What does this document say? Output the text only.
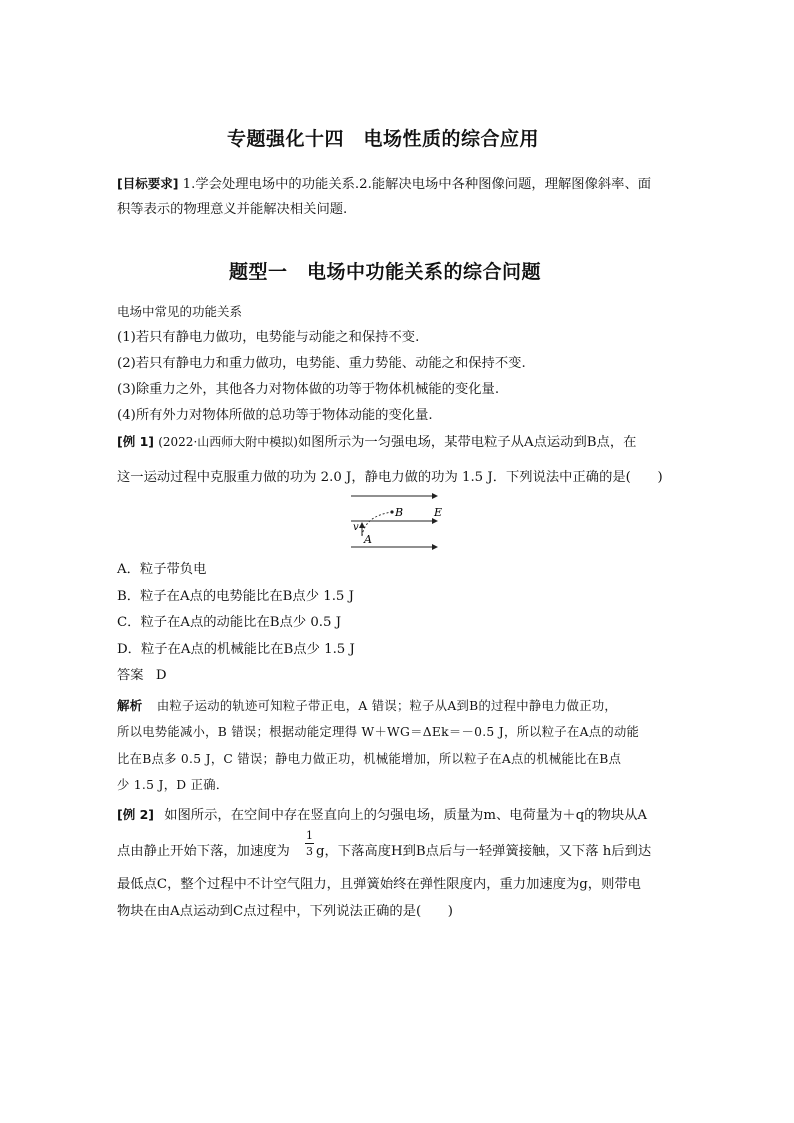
专题强化十四　电场性质的综合应用
[目标要求] 1.学会处理电场中的功能关系.2.能解决电场中各种图像问题，理解图像斜率、面
积等表示的物理意义并能解决相关问题.
题型一　电场中功能关系的综合问题
电场中常见的功能关系
(1)若只有静电力做功，电势能与动能之和保持不变.
(2)若只有静电力和重力做功，电势能、重力势能、动能之和保持不变.
(3)除重力之外，其他各力对物体做的功等于物体机械能的变化量.
(4)所有外力对物体所做的总功等于物体动能的变化量.
[例 1] (2022·山西师大附中模拟)如图所示为一匀强电场，某带电粒子从A点运动到B点，在
这一运动过程中克服重力做的功为 2.0 J，静电力做的功为 1.5 J．下列说法中正确的是(　　)
B	E
v
A
A．粒子带负电
B．粒子在A点的电势能比在B点少 1.5 J
C．粒子在A点的动能比在B点少 0.5 J
D．粒子在A点的机械能比在B点少 1.5 J
答案 D
解析 由粒子运动的轨迹可知粒子带正电，A 错误；粒子从A到B的过程中静电力做正功，
所以电势能减小，B 错误；根据动能定理得 W＋WG＝ΔEk＝－0.5 J，所以粒子在A点的动能
比在B点多 0.5 J，C 错误；静电力做正功，机械能增加，所以粒子在A点的机械能比在B点
少 1.5 J，D 正确．
[例 2] 如图所示，在空间中存在竖直向上的匀强电场，质量为m、电荷量为＋q的物块从A
点由静止开始下落，加速度为
1
3 g，下落高度H到B点后与一轻弹簧接触，又下落 h后到达
最低点C，整个过程中不计空气阻力，且弹簧始终在弹性限度内，重力加速度为g，则带电
物块在由A点运动到C点过程中，下列说法正确的是(　　)
